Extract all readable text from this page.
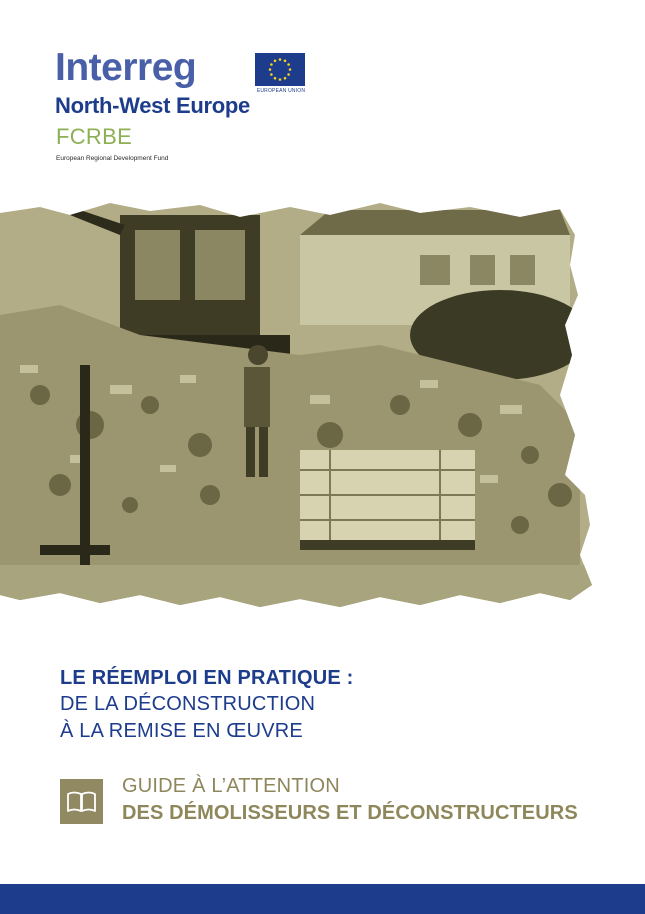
Interreg
EUROPEAN UNION
North-West Europe
FCRBE
European Regional Development Fund
LE RÉEMPLOI EN PRATIQUE :
DE LA DÉCONSTRUCTION
À LA REMISE EN ŒUVRE
GUIDE À L’ATTENTION
DES DÉMOLISSEURS ET DÉCONSTRUCTEURS
